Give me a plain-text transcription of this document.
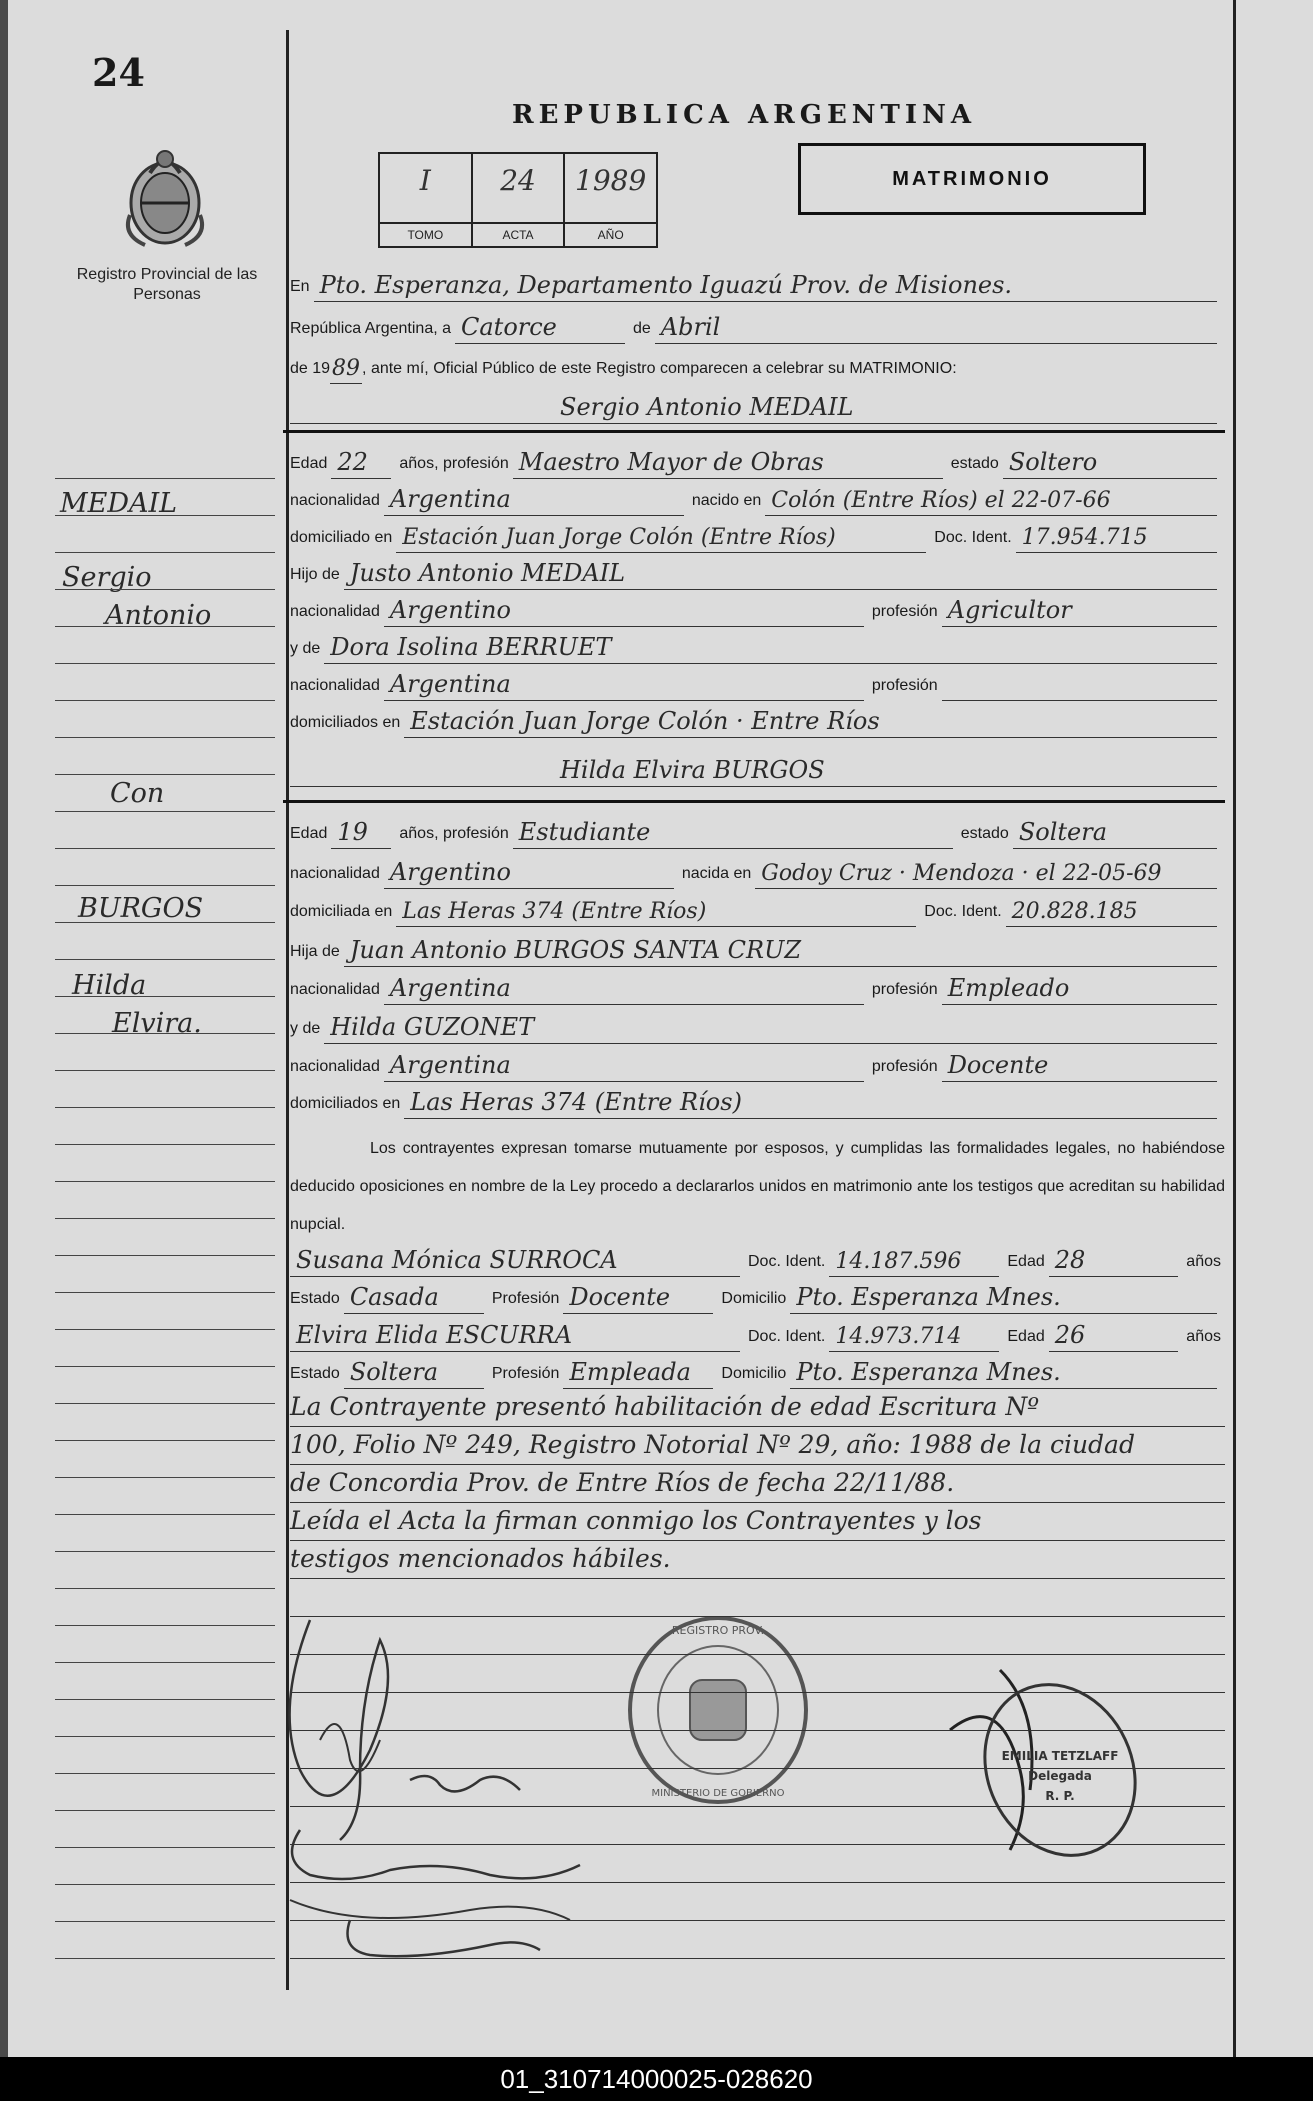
24
Registro Provincial de las Personas
REPUBLICA ARGENTINA
I
TOMO
24
ACTA
1989
AÑO
MATRIMONIO
En Pto. Esperanza, Departamento Iguazú Prov. de Misiones.
República Argentina, a Catorce	de Abril
de 19 89 , ante mí, Oficial Público de este Registro comparecen a celebrar su MATRIMONIO:
Sergio Antonio MEDAIL
Edad 22 años, profesión Maestro Mayor de Obras	estado Soltero
nacionalidad Argentina	nacido en Colón (Entre Ríos) el 22-07-66
domiciliado en Estación Juan Jorge Colón (Entre Ríos)	Doc. Ident. 17.954.715
Hijo de Justo Antonio MEDAIL
nacionalidad Argentino	profesión Agricultor
y de Dora Isolina BERRUET
nacionalidad Argentina	profesión
domiciliados en Estación Juan Jorge Colón · Entre Ríos
Hilda Elvira BURGOS
Edad 19 años, profesión Estudiante	estado Soltera
nacionalidad Argentino	nacida en Godoy Cruz · Mendoza · el 22-05-69
domiciliada en Las Heras 374 (Entre Ríos)	Doc. Ident. 20.828.185
Hija de Juan Antonio BURGOS SANTA CRUZ
nacionalidad Argentina	profesión Empleado
y de Hilda GUZONET
nacionalidad Argentina	profesión Docente
domiciliados en Las Heras 374 (Entre Ríos)
Los contrayentes expresan tomarse mutuamente por esposos, y cumplidas las formalidades legales, no habiéndose deducido oposiciones en nombre de la Ley procedo a declararlos unidos en matrimonio ante los testigos que acreditan su habilidad nupcial.
Susana Mónica SURROCA	Doc. Ident. 14.187.596	Edad 28	años
Estado Casada	Profesión Docente	Domicilio Pto. Esperanza Mnes.
Elvira Elida ESCURRA	Doc. Ident. 14.973.714	Edad 26	años
Estado Soltera	Profesión Empleada Domicilio Pto. Esperanza Mnes.
La Contrayente presentó habilitación de edad Escritura Nº
100, Folio Nº 249, Registro Notorial Nº 29, año: 1988 de la ciudad
de Concordia Prov. de Entre Ríos de fecha 22/11/88.
Leída el Acta la firman conmigo los Contrayentes y los
testigos mencionados hábiles.
REGISTRO PROV.
MINISTERIO DE GOBIERNO
EMILIA TETZLAFF
Delegada
R. P.
MEDAIL
Sergio
Antonio
Con
BURGOS
Hilda
Elvira.
01_310714000025-028620
